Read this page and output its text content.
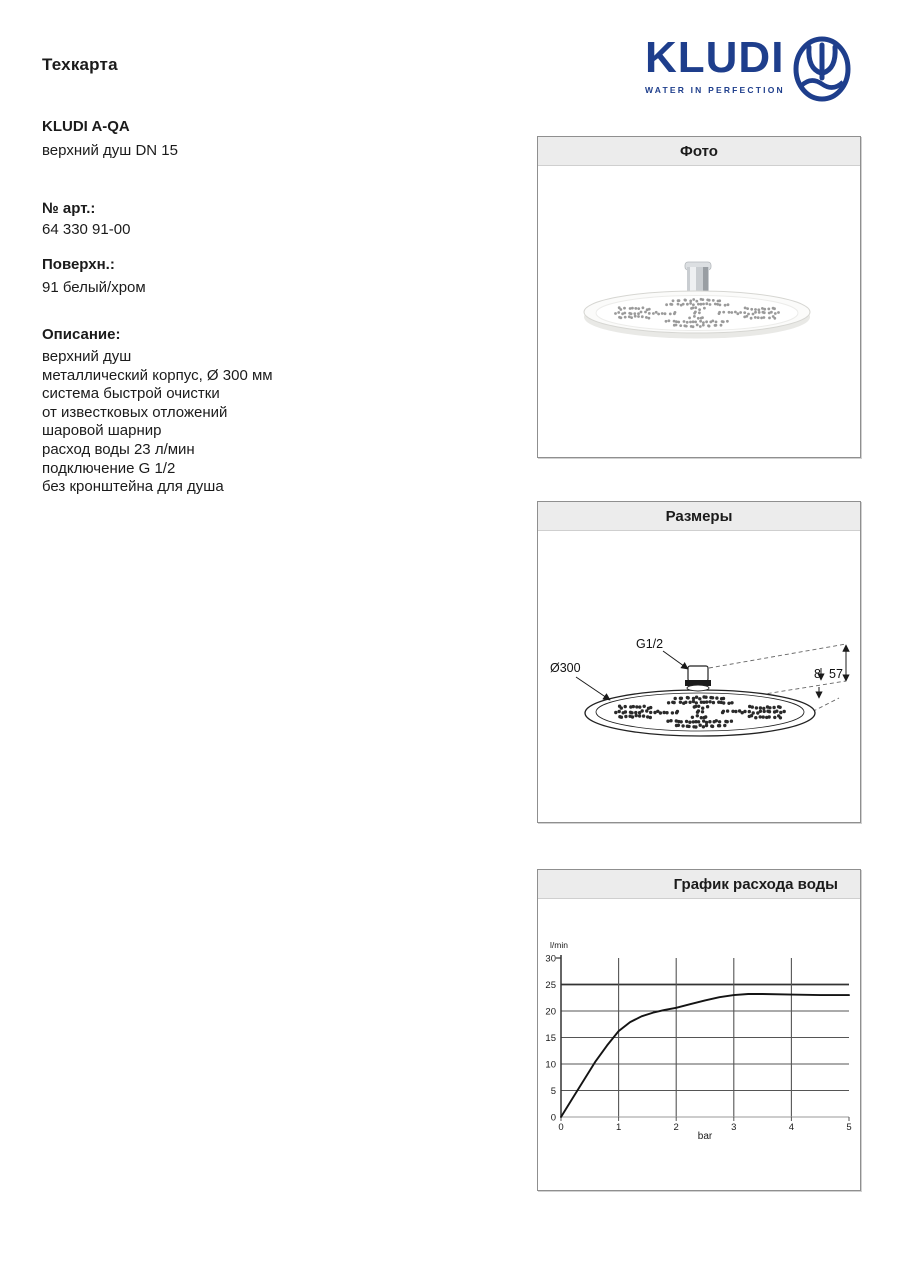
Техкарта	KLUDI
WATER IN PERFECTION
KLUDI A-QA
верхний душ DN 15
№ арт.:
64 330 91-00
Поверхн.:
91 белый/хром
Описание:
верхний душ
металлический корпус, Ø 300 мм
система быстрой очистки
от известковых отложений
шаровой шарнир
расход воды 23 л/мин
подключение G 1/2
без кронштейна для душа
Фото
Размеры
G1/2
Ø300	8 57
График расхода воды
0	1	2	3	4	5
0
5
10
15
20
25
30
l/min
bar
